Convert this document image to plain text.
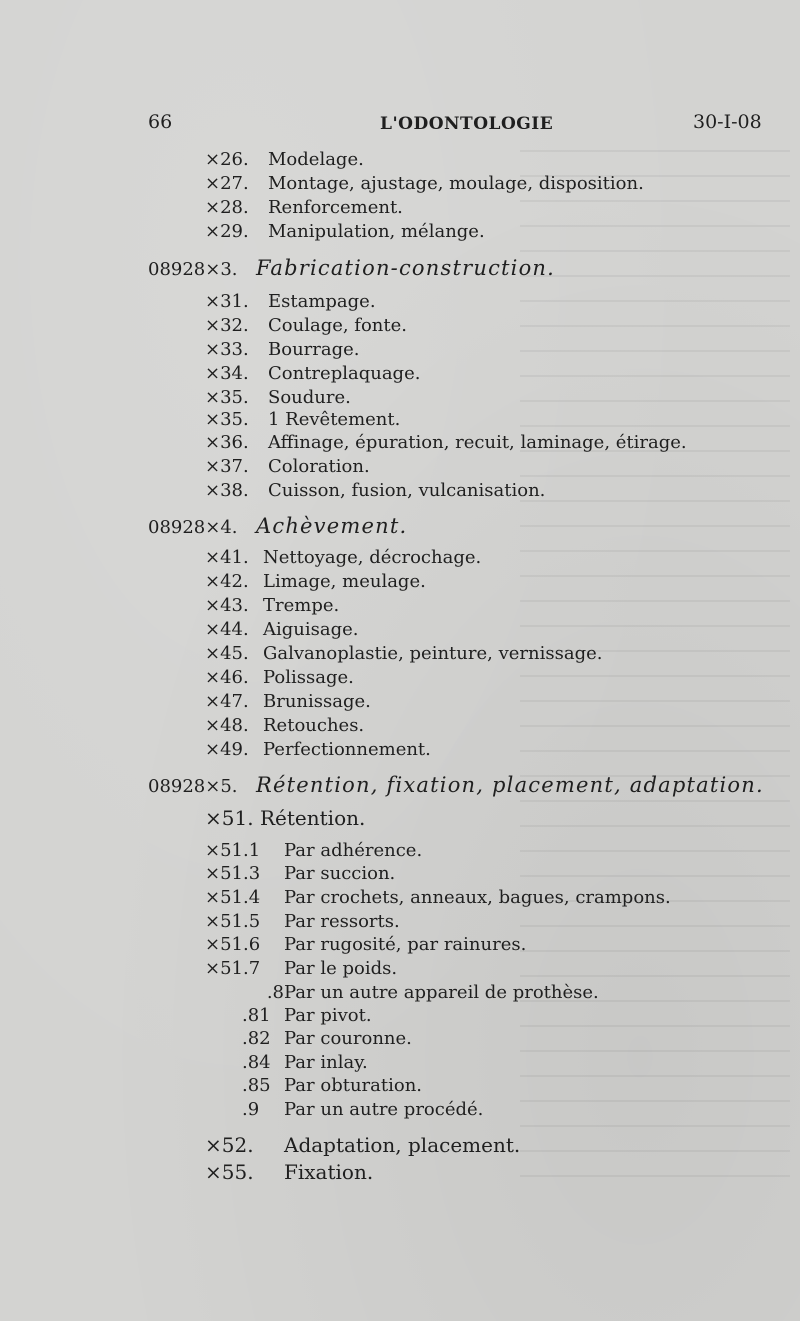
66	L'ODONTOLOGIE	30-I-08
×26. Modelage.
×27. Montage, ajustage, moulage, disposition.
×28. Renforcement.
×29. Manipulation, mélange.
08928×3. Fabrication-construction.
×31. Estampage.
×32. Coulage, fonte.
×33. Bourrage.
×34. Contreplaquage.
×35. Soudure.
×35. 1 Revêtement.
×36. Affinage, épuration, recuit, laminage, étirage.
×37. Coloration.
×38. Cuisson, fusion, vulcanisation.
08928×4. Achèvement.
×41. Nettoyage, décrochage.
×42. Limage, meulage.
×43. Trempe.
×44. Aiguisage.
×45. Galvanoplastie, peinture, vernissage.
×46. Polissage.
×47. Brunissage.
×48. Retouches.
×49. Perfectionnement.
08928×5. Rétention, fixation, placement, adaptation.
×51. Rétention.
×51.1 Par adhérence.
×51.3 Par succion.
×51.4 Par crochets, anneaux, bagues, crampons.
×51.5 Par ressorts.
×51.6 Par rugosité, par rainures.
×51.7 Par le poids.
.8 Par un autre appareil de prothèse.
.81 Par pivot.
.82 Par couronne.
.84 Par inlay.
.85 Par obturation.
.9 Par un autre procédé.
×52. Adaptation, placement.
×55. Fixation.
